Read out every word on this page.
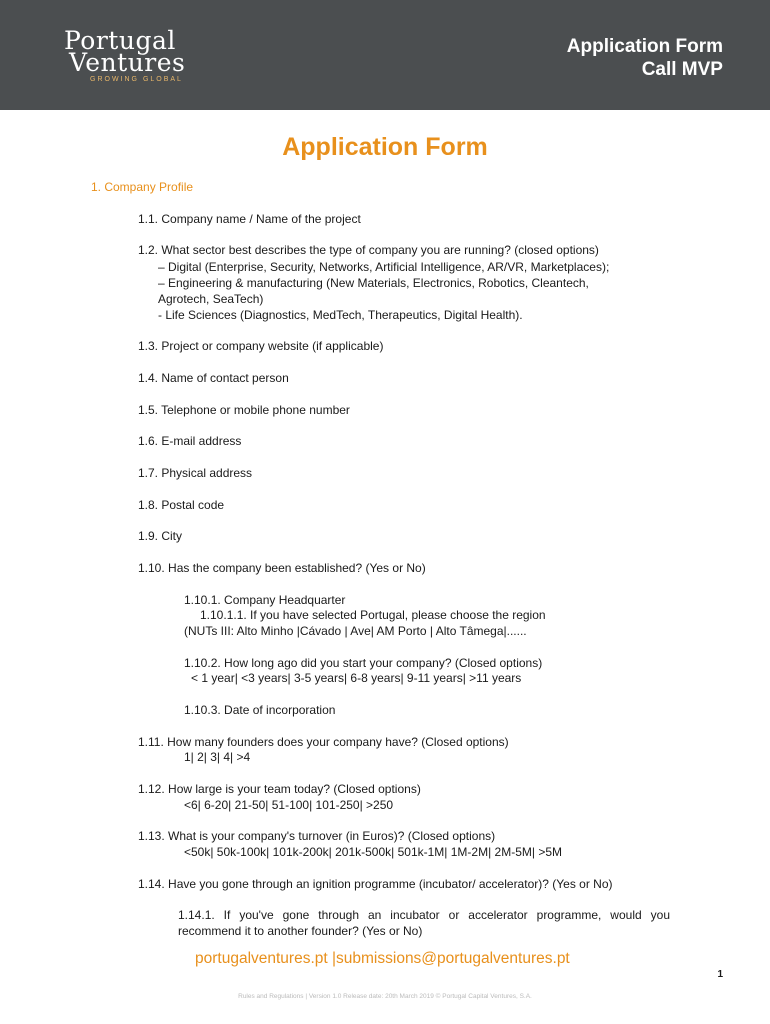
Portugal
Ventures
GROWING GLOBAL
Application Form
Call MVP
Application Form
1. Company Profile
1.1. Company name / Name of the project
1.2. What sector best describes the type of company you are running? (closed options)
– Digital (Enterprise, Security, Networks, Artificial Intelligence, AR/VR, Marketplaces);
– Engineering & manufacturing (New Materials, Electronics, Robotics, Cleantech,
Agrotech, SeaTech)
- Life Sciences (Diagnostics, MedTech, Therapeutics, Digital Health).
1.3. Project or company website (if applicable)
1.4. Name of contact person
1.5. Telephone or mobile phone number
1.6. E-mail address
1.7. Physical address
1.8. Postal code
1.9. City
1.10. Has the company been established? (Yes or No)
1.10.1. Company Headquarter
1.10.1.1. If you have selected Portugal, please choose the region
(NUTs III: Alto Minho |Cávado | Ave| AM Porto | Alto Tâmega|......
1.10.2. How long ago did you start your company? (Closed options)
< 1 year| <3 years| 3-5 years| 6-8 years| 9-11 years| >11 years
1.10.3. Date of incorporation
1.11. How many founders does your company have? (Closed options)
1| 2| 3| 4| >4
1.12. How large is your team today? (Closed options)
<6| 6-20| 21-50| 51-100| 101-250| >250
1.13. What is your company's turnover (in Euros)? (Closed options)
<50k| 50k-100k| 101k-200k| 201k-500k| 501k-1M| 1M-2M| 2M-5M| >5M
1.14. Have you gone through an ignition programme (incubator/ accelerator)? (Yes or No)
1.14.1. If you've gone through an incubator or accelerator programme, would you recommend it to another founder? (Yes or No)
portugalventures.pt |submissions@portugalventures.pt
1
Rules and Regulations | Version 1.0 Release date: 20th March 2019 © Portugal Capital Ventures, S.A.
